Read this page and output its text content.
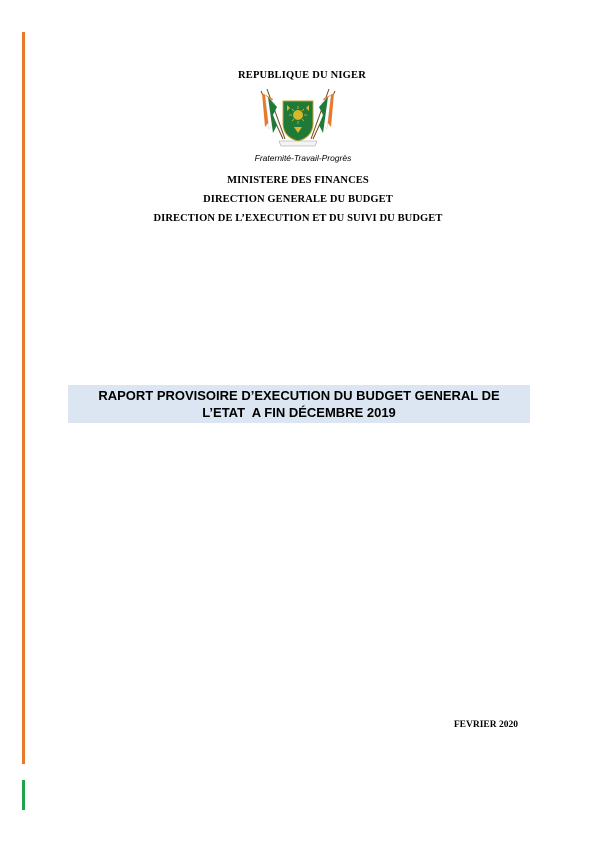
REPUBLIQUE DU NIGER
Fraternité-Travail-Progrès
MINISTERE DES FINANCES
DIRECTION GENERALE DU BUDGET
DIRECTION DE L’EXECUTION ET DU SUIVI DU BUDGET
RAPORT PROVISOIRE D’EXECUTION DU BUDGET GENERAL DE
L’ETAT  A FIN DÉCEMBRE 2019
FEVRIER 2020
